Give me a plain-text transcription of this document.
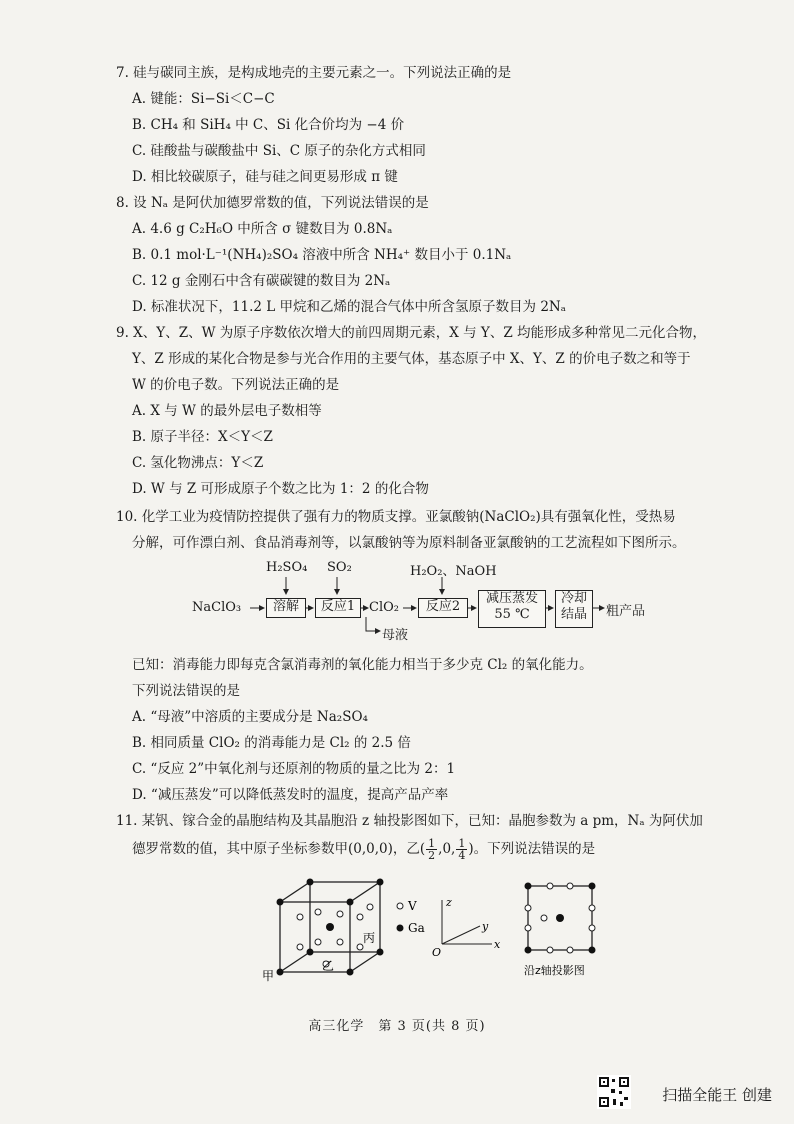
7. 硅与碳同主族，是构成地壳的主要元素之一。下列说法正确的是
A. 键能：Si−Si＜C−C
B. CH₄ 和 SiH₄ 中 C、Si 化合价均为 −4 价
C. 硅酸盐与碳酸盐中 Si、C 原子的杂化方式相同
D. 相比较碳原子，硅与硅之间更易形成 π 键
8. 设 Nₐ 是阿伏加德罗常数的值，下列说法错误的是
A. 4.6 g C₂H₆O 中所含 σ 键数目为 0.8Nₐ
B. 0.1 mol·L⁻¹(NH₄)₂SO₄ 溶液中所含 NH₄⁺ 数目小于 0.1Nₐ
C. 12 g 金刚石中含有碳碳键的数目为 2Nₐ
D. 标准状况下，11.2 L 甲烷和乙烯的混合气体中所含氢原子数目为 2Nₐ
9. X、Y、Z、W 为原子序数依次增大的前四周期元素，X 与 Y、Z 均能形成多种常见二元化合物，
Y、Z 形成的某化合物是参与光合作用的主要气体，基态原子中 X、Y、Z 的价电子数之和等于
W 的价电子数。下列说法正确的是
A. X 与 W 的最外层电子数相等
B. 原子半径：X＜Y＜Z
C. 氢化物沸点：Y＜Z
D. W 与 Z 可形成原子个数之比为 1：2 的化合物
10. 化学工业为疫情防控提供了强有力的物质支撑。亚氯酸钠(NaClO₂)具有强氧化性，受热易
分解，可作漂白剂、食品消毒剂等，以氯酸钠等为原料制备亚氯酸钠的工艺流程如下图所示。
H₂SO₄ SO₂	H₂O₂、NaOH
NaClO₃	溶解	反应1	ClO₂	反应2
减压蒸发
55 ℃
冷却
结晶	粗产品
母液
已知：消毒能力即每克含氯消毒剂的氧化能力相当于多少克 Cl₂ 的氧化能力。
下列说法错误的是
A. “母液”中溶质的主要成分是 Na₂SO₄
B. 相同质量 ClO₂ 的消毒能力是 Cl₂ 的 2.5 倍
C. “反应 2”中氧化剂与还原剂的物质的量之比为 2：1
D. “减压蒸发”可以降低蒸发时的温度，提高产品产率
11. 某钒、镓合金的晶胞结构及其晶胞沿 z 轴投影图如下，已知：晶胞参数为 a pm，Nₐ 为阿伏加
德罗常数的值，其中原子坐标参数甲(0,0,0)，乙( $\frac{1}{2} ,0$, $\frac{1}{4}$ )。下列说法错误的是
甲
乙
丙
V
Ga
z
y
x
O
沿z轴投影图
高三化学　第 3 页(共 8 页)
扫描全能王 创建
